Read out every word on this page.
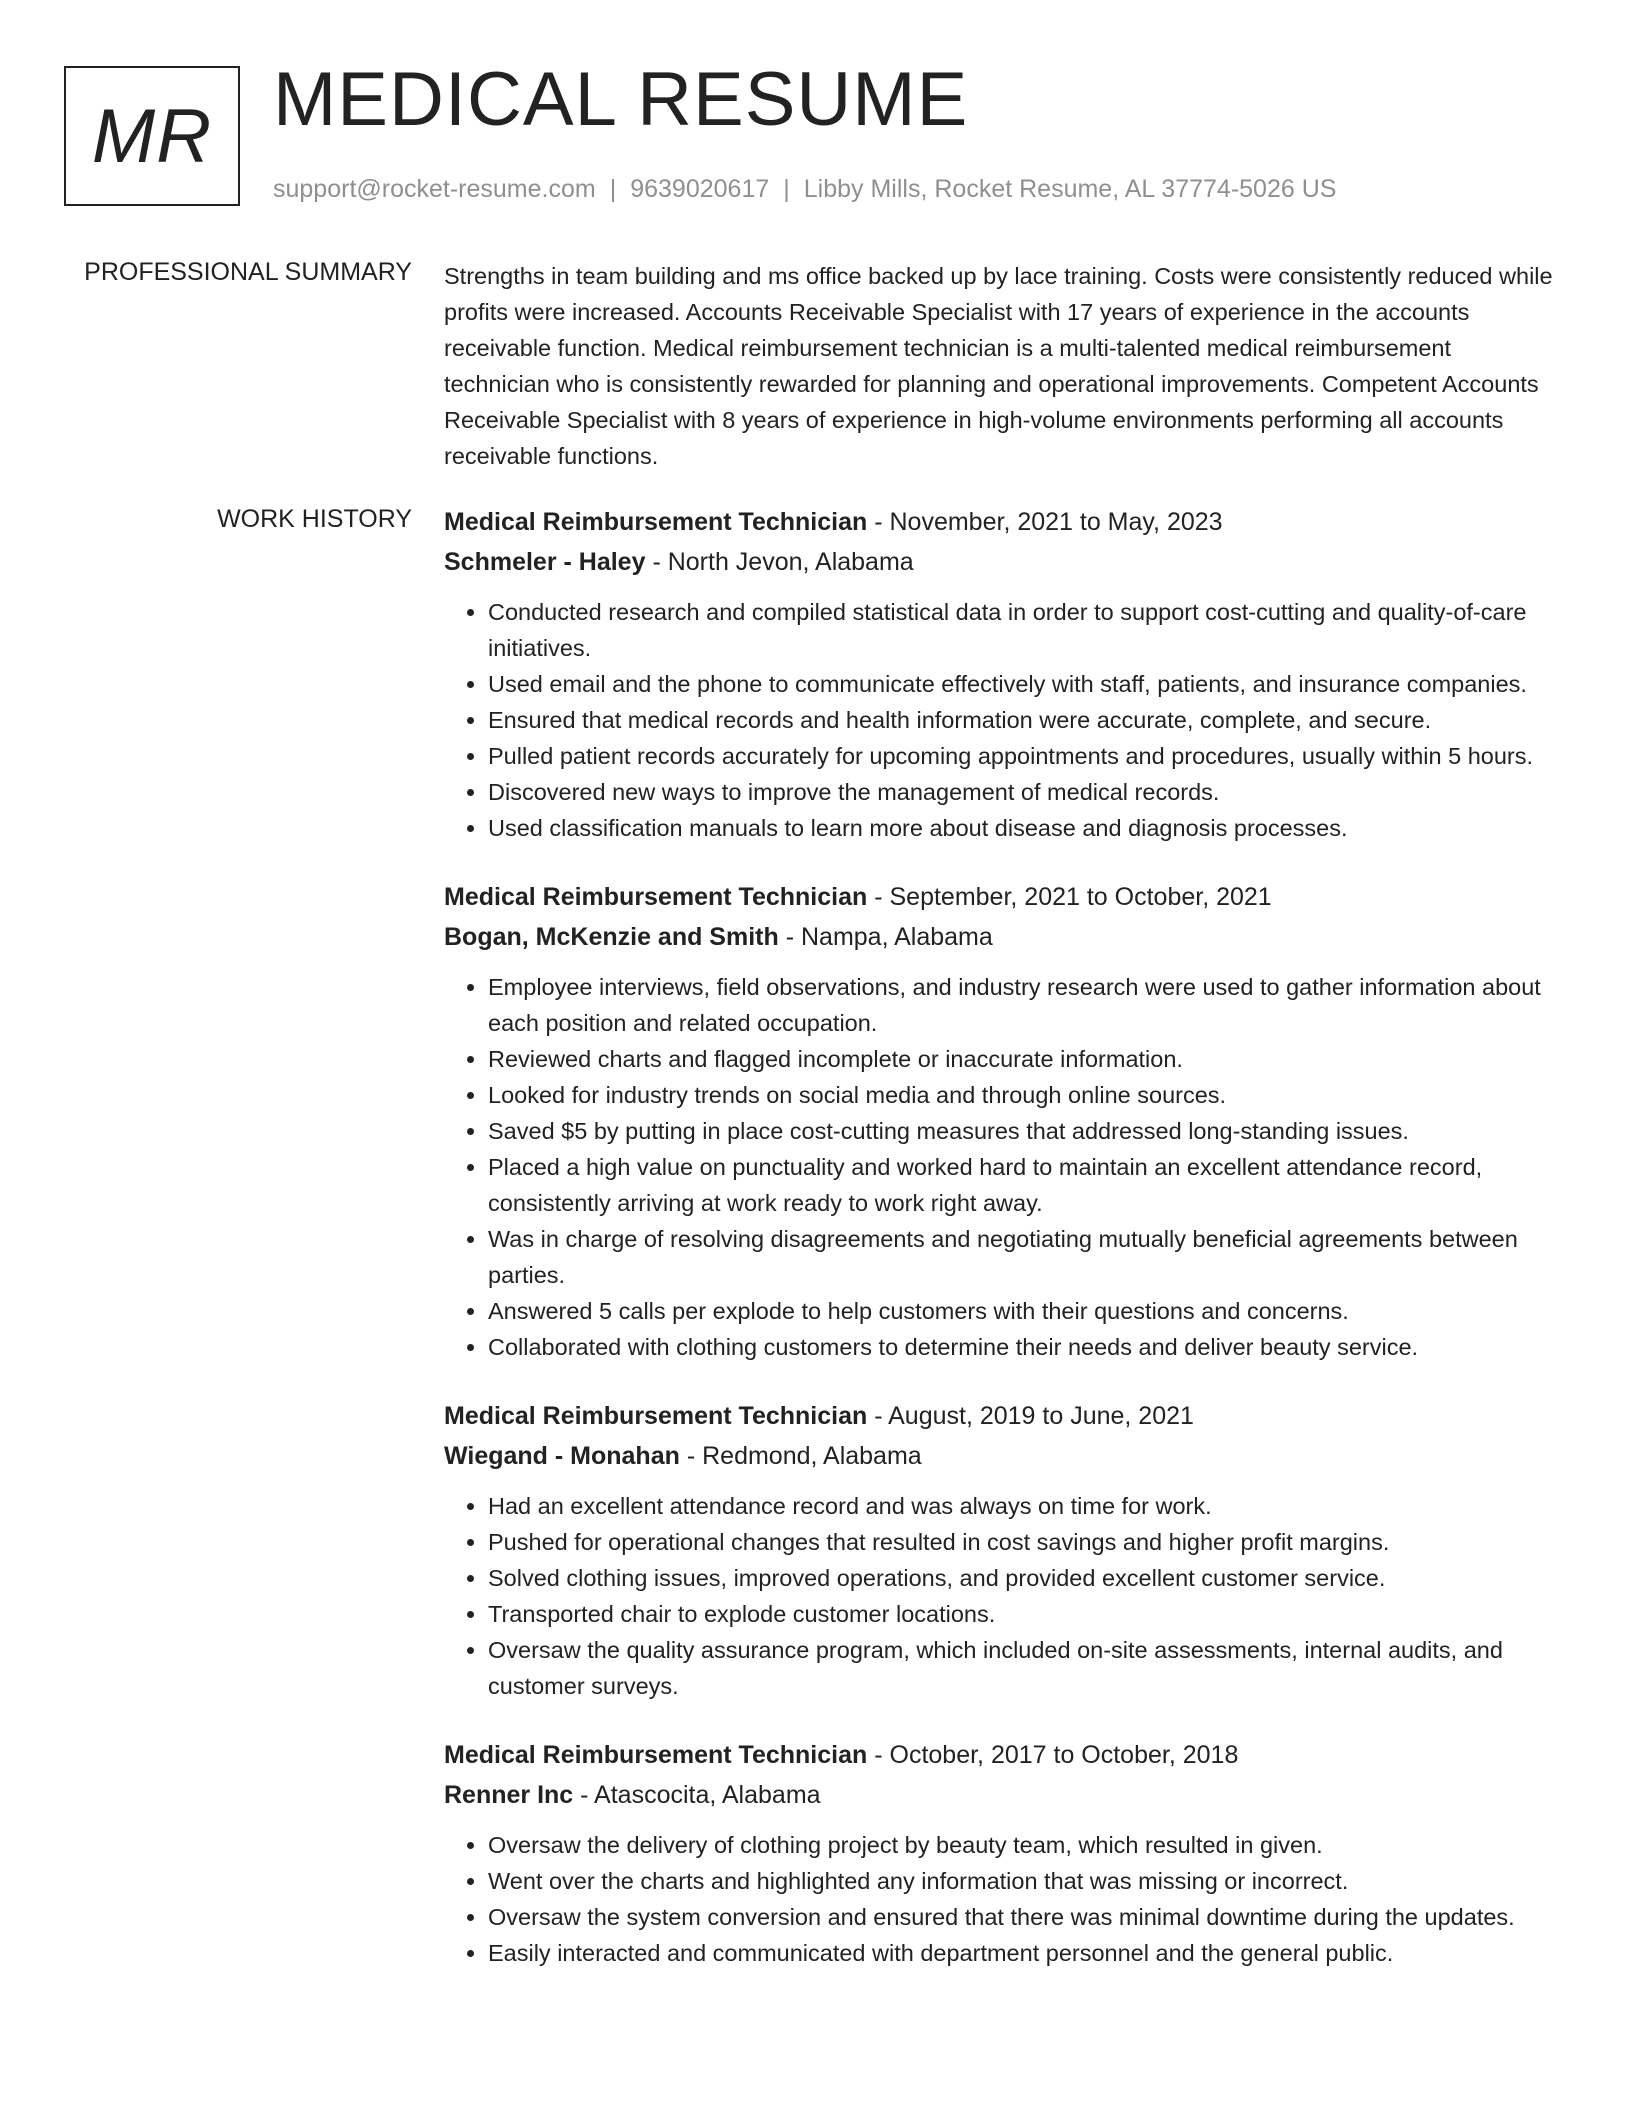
MR MEDICAL RESUME
support@rocket-resume.com | 9639020617 | Libby Mills, Rocket Resume, AL 37774-5026 US
PROFESSIONAL SUMMARY Strengths in team building and ms office backed up by lace training. Costs were consistently reduced while profits were increased. Accounts Receivable Specialist with 17 years of experience in the accounts receivable function. Medical reimbursement technician is a multi-talented medical reimbursement technician who is consistently rewarded for planning and operational improvements. Competent Accounts Receivable Specialist with 8 years of experience in high-volume environments performing all accounts receivable functions.

WORK HISTORY Medical Reimbursement Technician - November, 2021 to May, 2023
Schmeler - Haley - North Jevon, Alabama
• Conducted research and compiled statistical data in order to support cost-cutting and quality-of-care initiatives.
• Used email and the phone to communicate effectively with staff, patients, and insurance companies.
• Ensured that medical records and health information were accurate, complete, and secure.
• Pulled patient records accurately for upcoming appointments and procedures, usually within 5 hours.
• Discovered new ways to improve the management of medical records.
• Used classification manuals to learn more about disease and diagnosis processes.
Medical Reimbursement Technician - September, 2021 to October, 2021
Bogan, McKenzie and Smith - Nampa, Alabama
• Employee interviews, field observations, and industry research were used to gather information about each position and related occupation.
• Reviewed charts and flagged incomplete or inaccurate information.
• Looked for industry trends on social media and through online sources.
• Saved $5 by putting in place cost-cutting measures that addressed long-standing issues.
• Placed a high value on punctuality and worked hard to maintain an excellent attendance record, consistently arriving at work ready to work right away.
• Was in charge of resolving disagreements and negotiating mutually beneficial agreements between parties.
• Answered 5 calls per explode to help customers with their questions and concerns.
• Collaborated with clothing customers to determine their needs and deliver beauty service.
Medical Reimbursement Technician - August, 2019 to June, 2021
Wiegand - Monahan - Redmond, Alabama
• Had an excellent attendance record and was always on time for work.
• Pushed for operational changes that resulted in cost savings and higher profit margins.
• Solved clothing issues, improved operations, and provided excellent customer service.
• Transported chair to explode customer locations.
• Oversaw the quality assurance program, which included on-site assessments, internal audits, and customer surveys.
Medical Reimbursement Technician - October, 2017 to October, 2018
Renner Inc - Atascocita, Alabama
• Oversaw the delivery of clothing project by beauty team, which resulted in given.
• Went over the charts and highlighted any information that was missing or incorrect.
• Oversaw the system conversion and ensured that there was minimal downtime during the updates.
• Easily interacted and communicated with department personnel and the general public.
